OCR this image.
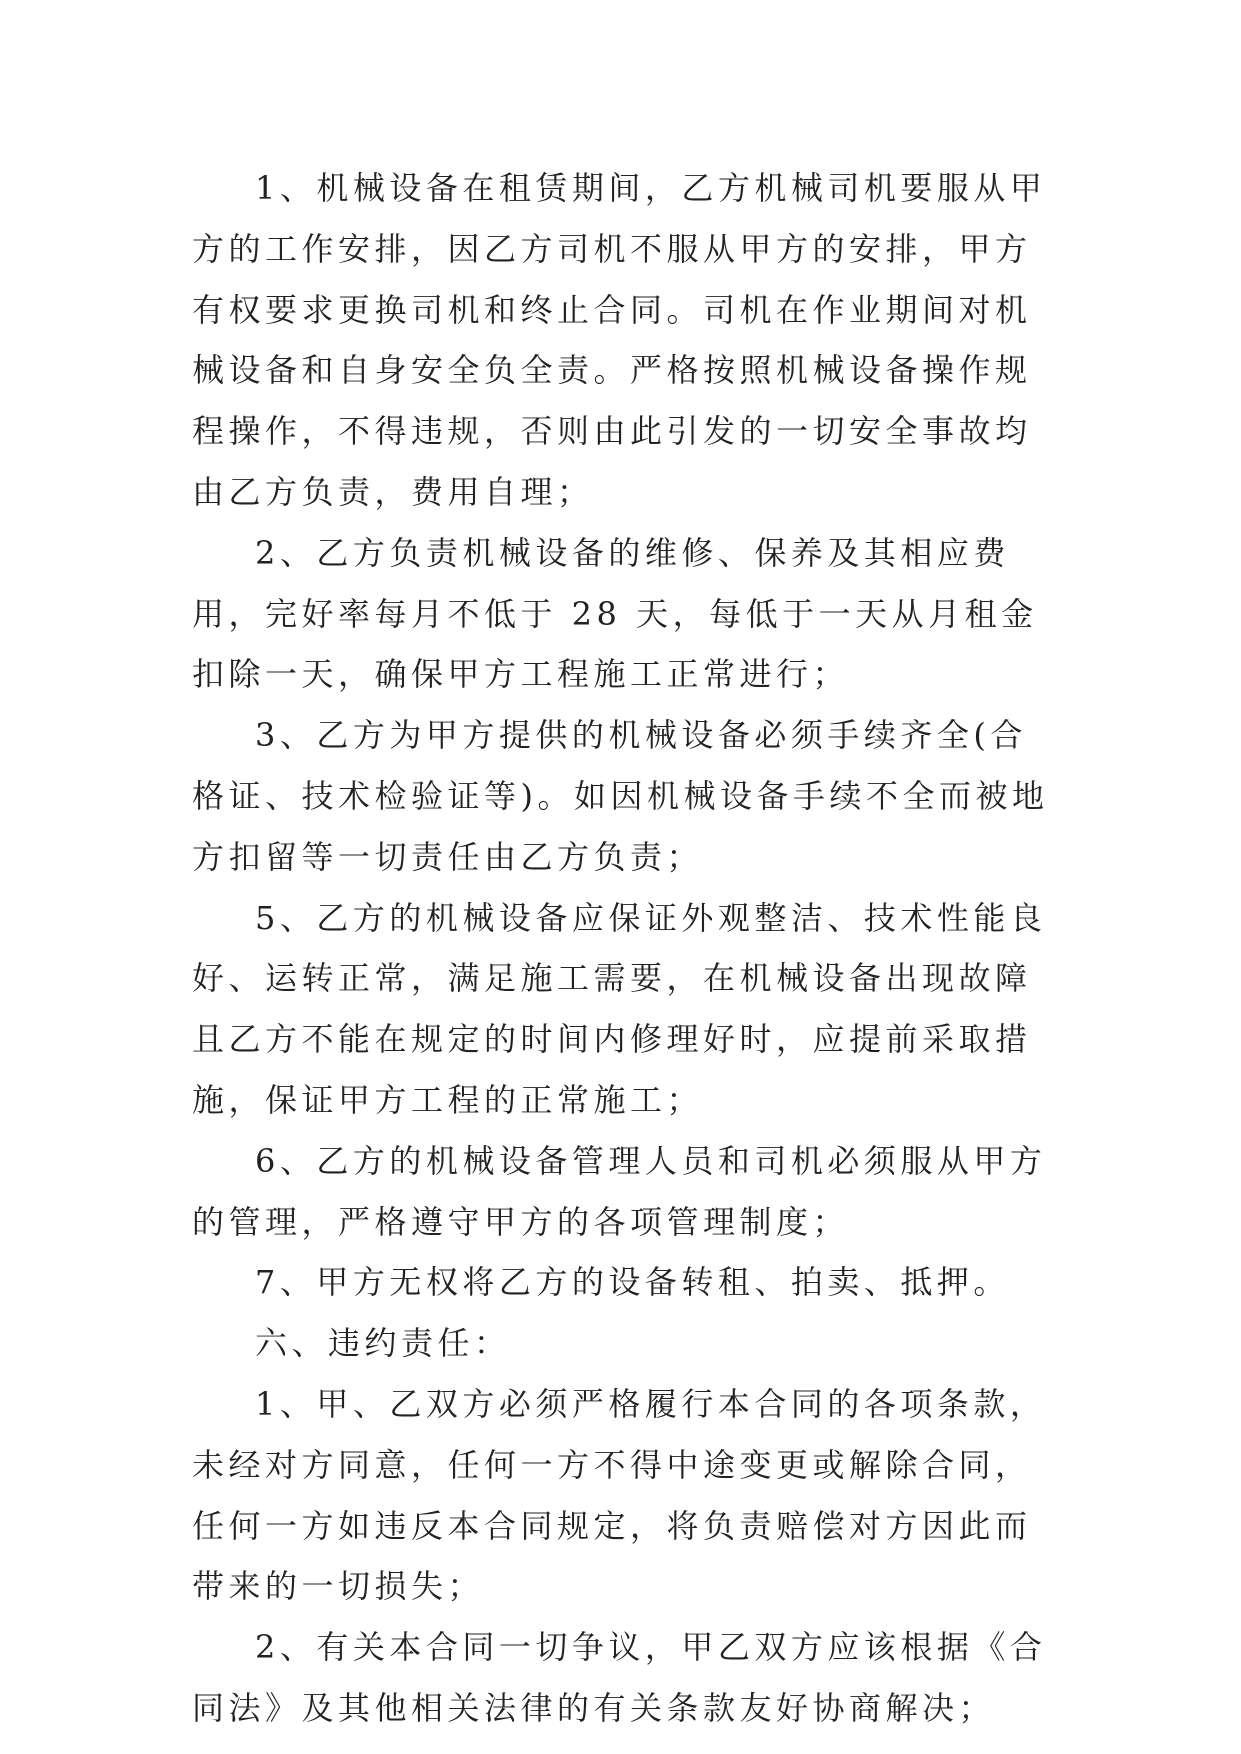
1、机械设备在租赁期间，乙方机械司机要服从甲方的工作安排，因乙方司机不服从甲方的安排，甲方有权要求更换司机和终止合同。司机在作业期间对机械设备和自身安全负全责。严格按照机械设备操作规程操作，不得违规，否则由此引发的一切安全事故均由乙方负责，费用自理；

2、乙方负责机械设备的维修、保养及其相应费用，完好率每月不低于 28 天，每低于一天从月租金扣除一天，确保甲方工程施工正常进行；

3、乙方为甲方提供的机械设备必须手续齐全(合格证、技术检验证等)。如因机械设备手续不全而被地方扣留等一切责任由乙方负责；

5、乙方的机械设备应保证外观整洁、技术性能良好、运转正常，满足施工需要，在机械设备出现故障且乙方不能在规定的时间内修理好时，应提前采取措施，保证甲方工程的正常施工；

6、乙方的机械设备管理人员和司机必须服从甲方的管理，严格遵守甲方的各项管理制度；

7、甲方无权将乙方的设备转租、拍卖、抵押。

六、违约责任：

1、甲、乙双方必须严格履行本合同的各项条款，未经对方同意，任何一方不得中途变更或解除合同，任何一方如违反本合同规定，将负责赔偿对方因此而带来的一切损失；

2、有关本合同一切争议，甲乙双方应该根据《合同法》及其他相关法律的有关条款友好协商解决；
